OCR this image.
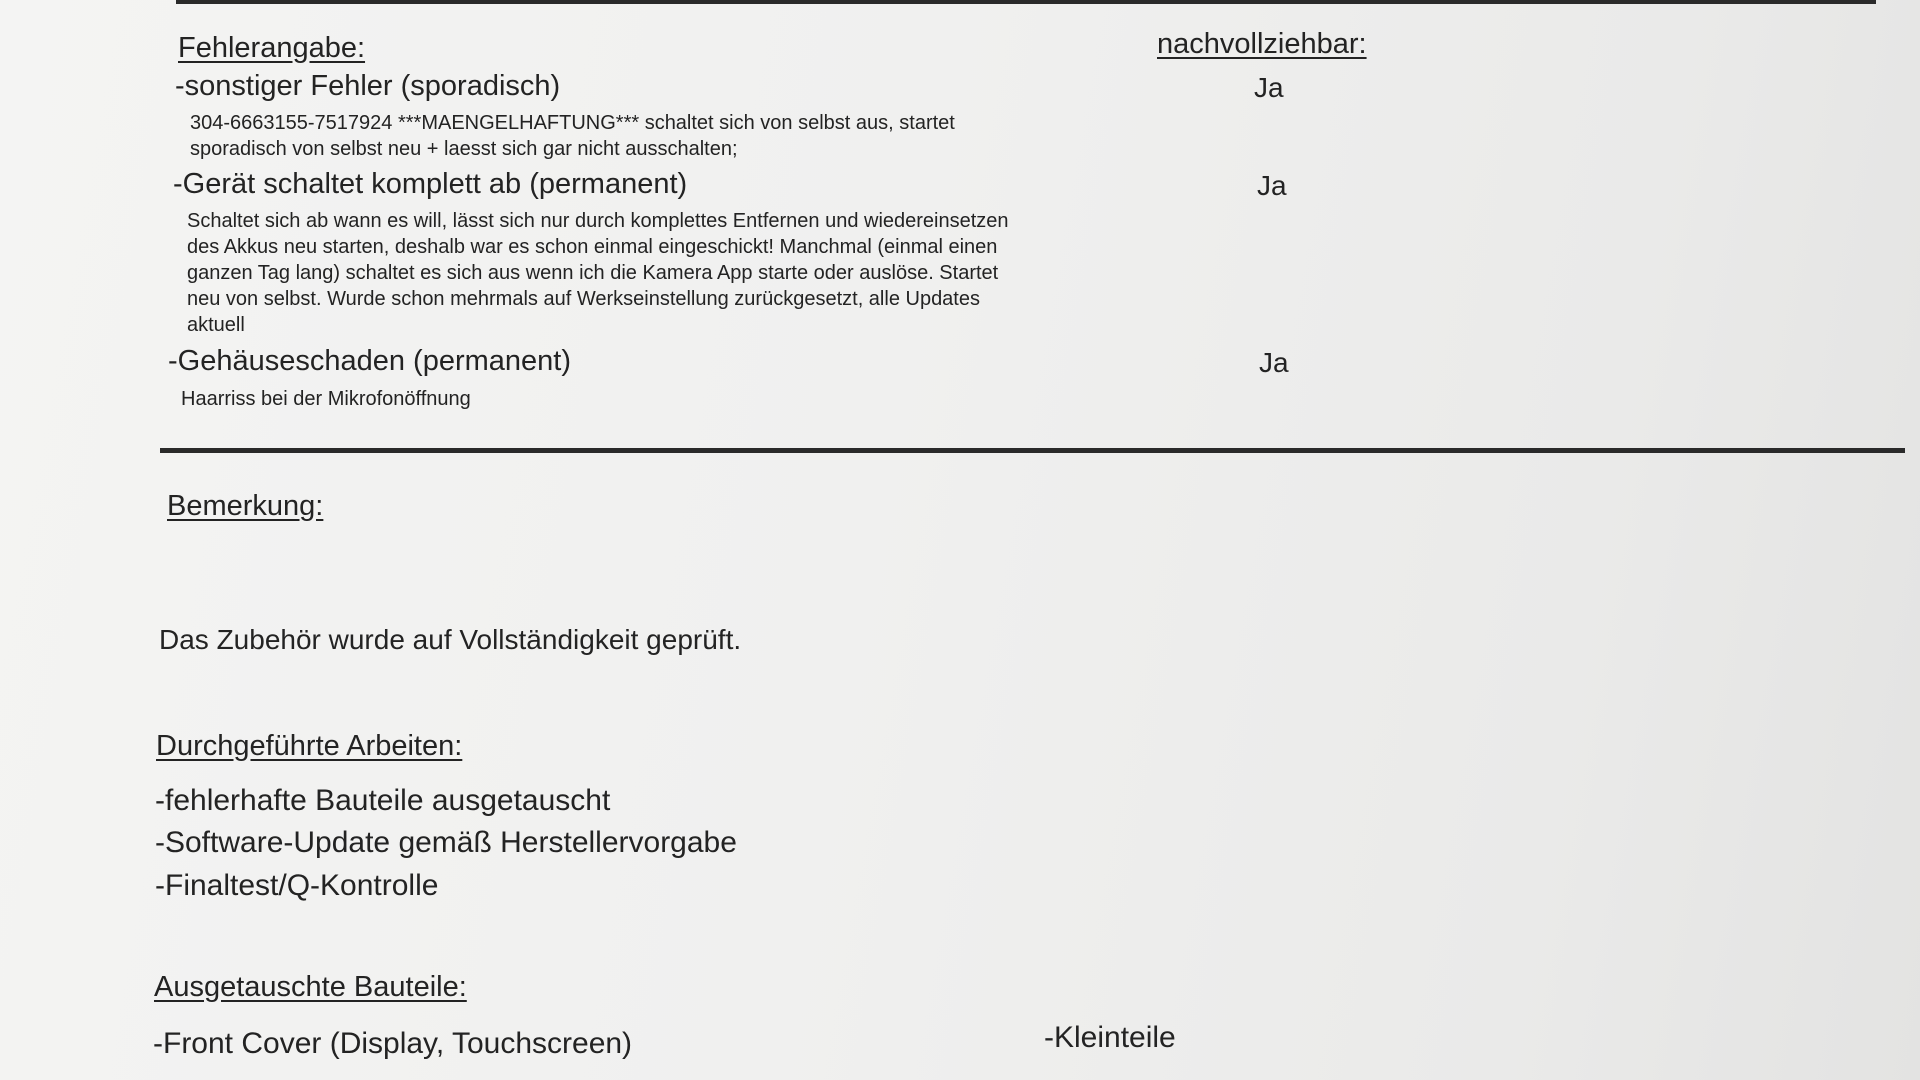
Fehlerangabe:	nachvollziehbar:
-sonstiger Fehler (sporadisch)	Ja
304-6663155-7517924 ***MAENGELHAFTUNG*** schaltet sich von selbst aus, startet
sporadisch von selbst neu + laesst sich gar nicht ausschalten;
-Gerät schaltet komplett ab (permanent)	Ja
Schaltet sich ab wann es will, lässt sich nur durch komplettes Entfernen und wiedereinsetzen
des Akkus neu starten, deshalb war es schon einmal eingeschickt! Manchmal (einmal einen
ganzen Tag lang) schaltet es sich aus wenn ich die Kamera App starte oder auslöse. Startet
neu von selbst. Wurde schon mehrmals auf Werkseinstellung zurückgesetzt, alle Updates
aktuell
-Gehäuseschaden (permanent)	Ja
Haarriss bei der Mikrofonöffnung
Bemerkung:
Das Zubehör wurde auf Vollständigkeit geprüft.
Durchgeführte Arbeiten:
-fehlerhafte Bauteile ausgetauscht
-Software-Update gemäß Herstellervorgabe
-Finaltest/Q-Kontrolle
Ausgetauschte Bauteile:
-Front Cover (Display, Touchscreen)	-Kleinteile
